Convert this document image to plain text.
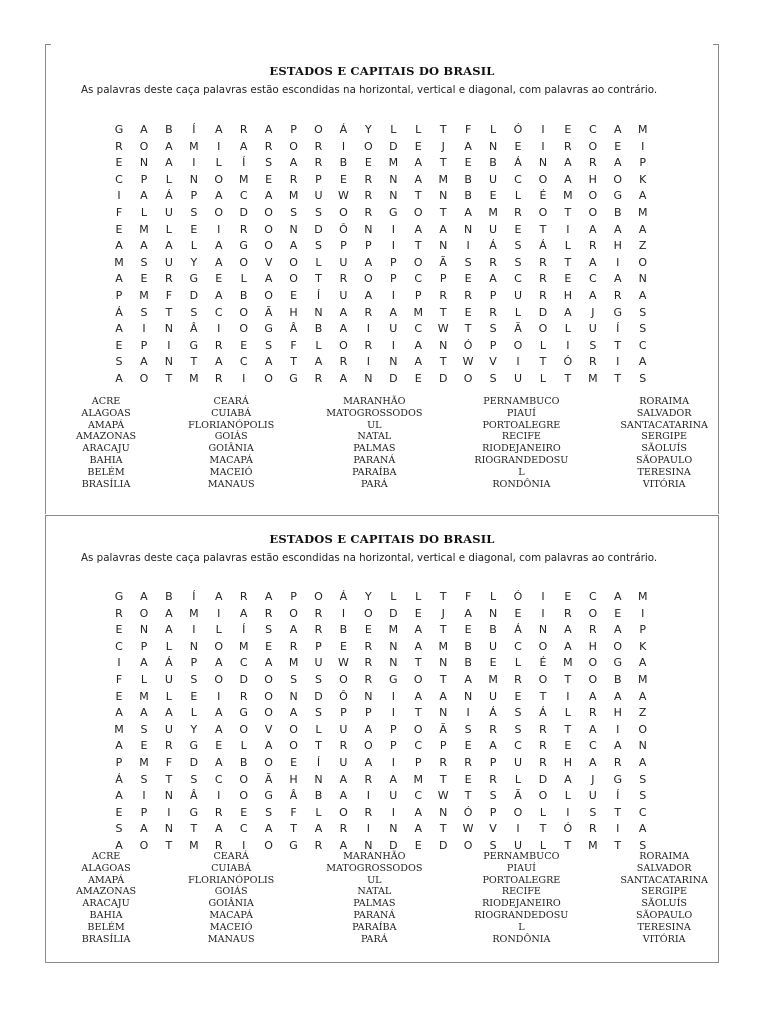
ESTADOS E CAPITAIS DO BRASIL
As palavras deste caça palavras estão escondidas na horizontal, vertical e diagonal, com palavras ao contrário.
G	A	B	Í	A	R	A	P	O	Á	Y	L	L	T	F	L	Ó	I	E	C	A	M
R	O	A	M	I	A	R	O	R	I	O	D	E	J	A	N	E	I	R	O	E	I
E	N	A	I	L	Í	S	A	R	B	E	M	A	T	E	B	Á	N	A	R	A	P
C	P	L	N	O	M	E	R	P	E	R	N	A	M	B	U	C	O	A	H	O	K
I	A	Á	P	A	C	A	M	U	W	R	N	T	N	B	E	L	É	M	O	G	A
F	L	U	S	O	D	O	S	S	O	R	G	O	T	A	M	R	O	T	O	B	M
E	M	L	E	I	R	O	N	D	Ô	N	I	A	A	N	U	E	T	I	A	A	A
A	A	A	L	A	G	O	A	S	P	P	I	T	N	I	Á	S	Á	L	R	H	Z
M	S	U	Y	A	O	V	O	L	U	A	P	O	Ã	S	R	S	R	T	A	I	O
A	E	R	G	E	L	A	O	T	R	O	P	C	P	E	A	C	R	E	C	A	N
P	M	F	D	A	B	O	E	Í	U	A	I	P	R	R	P	U	R	H	A	R	A
Á	S	T	S	C	O	Ã	H	N	A	R	A	M	T	E	R	L	D	A	J	G	S
A	I	N	Â	I	O	G	Â	B	A	I	U	C	W	T	S	Ã	O	L	U	Í	S
E	P	I	G	R	E	S	F	L	O	R	I	A	N	Ó	P	O	L	I	S	T	C
S	A	N	T	A	C	A	T	A	R	I	N	A	T	W	V	I	T	Ó	R	I	A
A	O	T	M	R	I	O	G	R	A	N	D	E	D	O	S	U	L	T	M	T	S
ACRE
ALAGOAS
AMAPÁ
AMAZONAS
ARACAJU
BAHIA
BELÉM
BRASÍLIA
CEARÁ
CUIABÁ
FLORIANÓPOLIS
GOIÁS
GOIÂNIA
MACAPÁ
MACEIÓ
MANAUS
MARANHÃO
MATOGROSSODOS
UL
NATAL
PALMAS
PARANÁ
PARAÍBA
PARÁ
PERNAMBUCO
PIAUÍ
PORTOALEGRE
RECIFE
RIODEJANEIRO
RIOGRANDEDOSU
L
RONDÔNIA
RORAIMA
SALVADOR
SANTACATARINA
SERGIPE
SÃOLUÍS
SÃOPAULO
TERESINA
VITÓRIA
ESTADOS E CAPITAIS DO BRASIL
As palavras deste caça palavras estão escondidas na horizontal, vertical e diagonal, com palavras ao contrário.
G	A	B	Í	A	R	A	P	O	Á	Y	L	L	T	F	L	Ó	I	E	C	A	M
R	O	A	M	I	A	R	O	R	I	O	D	E	J	A	N	E	I	R	O	E	I
E	N	A	I	L	Í	S	A	R	B	E	M	A	T	E	B	Á	N	A	R	A	P
C	P	L	N	O	M	E	R	P	E	R	N	A	M	B	U	C	O	A	H	O	K
I	A	Á	P	A	C	A	M	U	W	R	N	T	N	B	E	L	É	M	O	G	A
F	L	U	S	O	D	O	S	S	O	R	G	O	T	A	M	R	O	T	O	B	M
E	M	L	E	I	R	O	N	D	Ô	N	I	A	A	N	U	E	T	I	A	A	A
A	A	A	L	A	G	O	A	S	P	P	I	T	N	I	Á	S	Á	L	R	H	Z
M	S	U	Y	A	O	V	O	L	U	A	P	O	Ã	S	R	S	R	T	A	I	O
A	E	R	G	E	L	A	O	T	R	O	P	C	P	E	A	C	R	E	C	A	N
P	M	F	D	A	B	O	E	Í	U	A	I	P	R	R	P	U	R	H	A	R	A
Á	S	T	S	C	O	Ã	H	N	A	R	A	M	T	E	R	L	D	A	J	G	S
A	I	N	Â	I	O	G	Â	B	A	I	U	C	W	T	S	Ã	O	L	U	Í	S
E	P	I	G	R	E	S	F	L	O	R	I	A	N	Ó	P	O	L	I	S	T	C
S	A	N	T	A	C	A	T	A	R	I	N	A	T	W	V	I	T	Ó	R	I	A
A	O	T	M	R	I	O	G	R	A	N	D	E	D	O	S	U	L	T	M	T	S
ACRE
ALAGOAS
AMAPÁ
AMAZONAS
ARACAJU
BAHIA
BELÉM
BRASÍLIA
CEARÁ
CUIABÁ
FLORIANÓPOLIS
GOIÁS
GOIÂNIA
MACAPÁ
MACEIÓ
MANAUS
MARANHÃO
MATOGROSSODOS
UL
NATAL
PALMAS
PARANÁ
PARAÍBA
PARÁ
PERNAMBUCO
PIAUÍ
PORTOALEGRE
RECIFE
RIODEJANEIRO
RIOGRANDEDOSU
L
RONDÔNIA
RORAIMA
SALVADOR
SANTACATARINA
SERGIPE
SÃOLUÍS
SÃOPAULO
TERESINA
VITÓRIA
